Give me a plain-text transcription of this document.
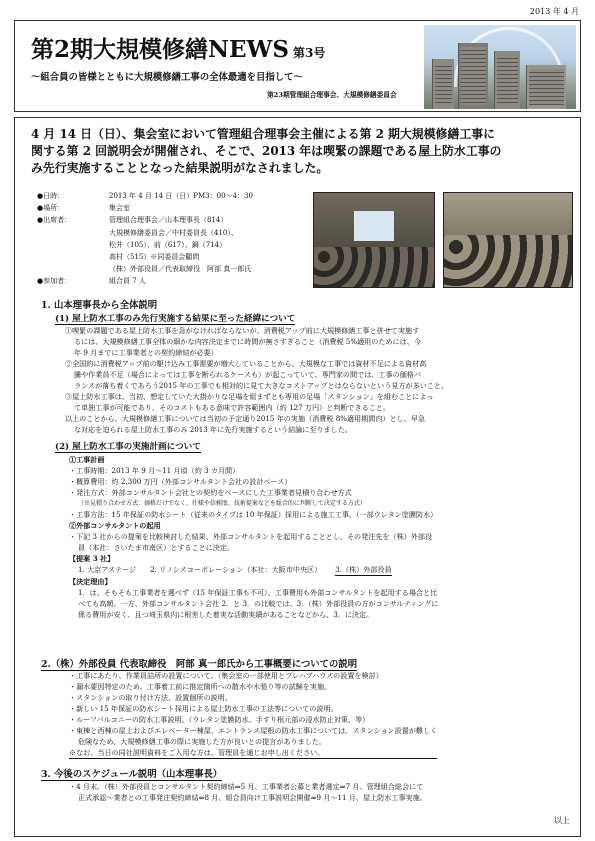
2013 年 4 月
第2期大規模修繕NEWS 第3号
～組合員の皆様とともに大規模修繕工事の全体最適を目指して～
第23期管理組合理事会、大規模修繕委員会
4 月 14 日（日）、集会室において管理組合理事会主催による第 2 期大規模修繕工事に
関する第 2 回説明会が開催され、そこで、2013 年は喫緊の課題である屋上防水工事の
み先行実施することとなった結果説明がなされました。
●日時：	2013 年 4 月 14 日（日）PM3：00～4：30
●場所：	集会室
●出席者：	管理組合理事会／山本理事長（814）
大規模修繕委員会／中村委員長（410）、
松井（105）、前（617）、鋼（714）
高村（515）※同委員会顧問
（株）外部役員／代表取締役　阿部 真一郎氏
●参加者：	組合員 7 人
1. 山本理事長から全体説明
(1) 屋上防水工事のみ先行実施する結果に至った経緯について
①喫緊の課題である屋上防水工事を急がなければならないが、消費税アップ前に大規模修繕工事と併せて実施す
るには、大規模修繕工事全体の細かな内容決定までに時間が無さすぎること（消費税 5%適用のためには、今
年 9 月までに工事業者との契約締結が必要）
②全国的に消費税アップ前の駆け込み工事需要が増大していることから、大規模な工事では資材不足による資材高
騰や作業員不足（場合によっては工事を断られるケースも）が起こっていて、専門家の間では、工事の価格バ
ランスが落ち着くであろう2015 年の工事でも相対的に見て大きなコストアップとはならないという見方が多いこと。
③屋上防水工事は、当初、想定していた大掛かりな足場を組まずとも専用の足場「スタンション」を組むことによっ
て単独工事が可能であり、そのコストもある意味で許容範囲内（約 127 万円）と判断できること。
以上のことから、大規模修繕工事については当初の予定通り2015 年の実施（消費税 8%適用期間内）とし、早急
な対応を迫られる屋上防水工事のみ 2013 年に先行実施するという結論に至りました。
(2) 屋上防水工事の実施計画について
①工事計画
・工事時期：2013 年 9 月～11 月頃（約 3 カ月間）
・概算費用：約 2,300 万円（外部コンサルタント会社の設計ベース）
・発注方式：外部コンサルタント会社との契約をベースにした工事業者見積り合わせ方式
（※見積り合わせ方式：価格だけでなく、仕様や信頼度、技術提案などを総合的に判断して決定する方式）
・工事方法：15 年保証の防水シート（従来のタイプは 10 年保証）採用による施工工事。（一部ウレタン塗膜防水）
②外部コンサルタントの起用
・下記 3 社からの提案を比較検討した結果、外部コンサルタントを起用することとし、その発注先を（株）外部役
員（本社：さいたま市南区）とすることに決定。
【提案 3 社】
1. 大京アステージ 2. リノシスコーポレーション（本社：大阪市中央区） 3.（株）外部役員
【決定理由】
1．は、そもそも工事業者を選べず（15 年保証工事も不可）、工事費用も外部コンサルタントを起用する場合と比
べても高額。一方、外部コンサルタント会社 2．と 3．の比較では、3．（株）外部役員の方がコンサルティングに
係る費用が安く、且つ埼玉県内に根差した着実な活動実績があることなどから、3．に決定。
2.（株）外部役員 代表取締役　阿部 真一郎氏から工事概要についての説明
・工事にあたり、作業員詰所の設置について。（集会室の一部使用とプレハブハウスの設置を検討）
・漏水要因特定のため、工事着工前に推定箇所への散水や水張り等の試験を実施。
・スタンションの取り付け方法、設置個所の説明。
・新しい 15 年保証の防水シート採用による屋上防水工事の工法等についての説明。
・ルーフバルコニーの防水工事説明。（ウレタン塗膜防水、手すり根元部の浸水防止対策、等）
・東棟と西棟の屋上およびエレベーター棟屋、エントランス屋根の防水工事については、スタンション設置が難しく
危険なため、大規模修繕工事の際に実施した方が良いとの提言がありました。
※なお、当日の同社説明資料をご入用な方は、管理員を通じお申し出ください。
3. 今後のスケジュール説明（山本理事長）
・4 月末、（株）外部役員とコンサルタント契約締結⇒5 月、工事業者公募と業者選定⇒7 月、管理組合総会にて
正式承認～業者との工事発注契約締結⇒8 月、組合員向け工事説明会開催⇒9 月～11 月、屋上防水工事実施。
以上
